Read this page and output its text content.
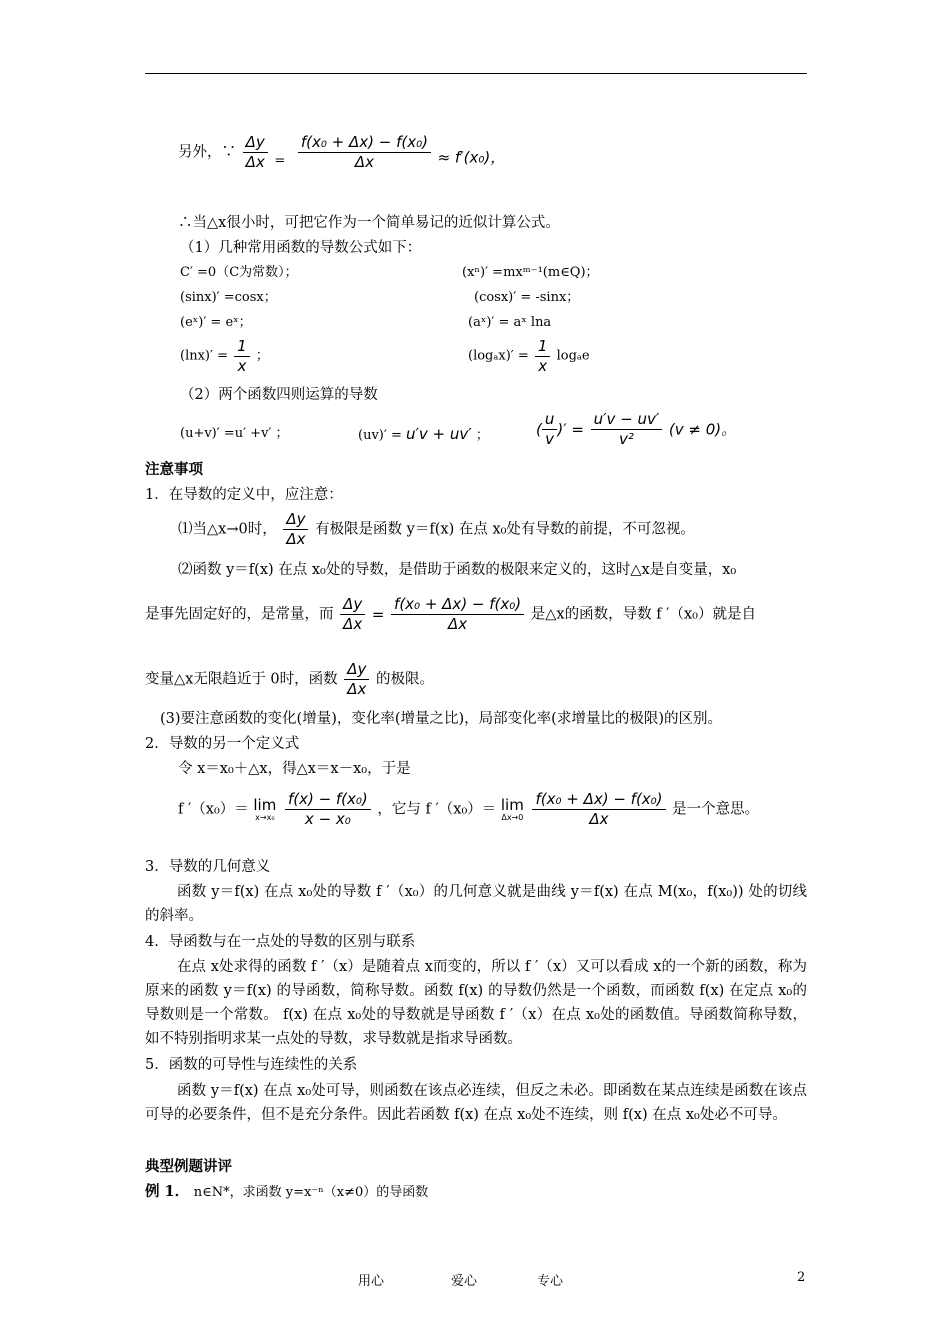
另外，∵ $\frac{\Delta y}{\Delta x} = \frac{\text{f(x₀ + Δx) − f(x₀)}}{\Delta x} \approx f'(x_0)$，
∴当△x很小时，可把它作为一个简单易记的近似计算公式。
（1）几种常用函数的导数公式如下：
C′ =0（C为常数）；	(xⁿ)′ =mxᵐ⁻¹(m∈Q)；
(sinx)′ =cosx；	(cosx)′ = -sinx；
(eˣ)′ = eˣ；	(aˣ)′ = aˣ lna
$(\ln x)' = \frac{1}{x}$ ；	$(\log_ax)' = \frac{1}{x}$ logₐe
（2）两个函数四则运算的导数
(u+v)′ =u′ +v′ ；	(uv)′ = u′v + uv′ ；	( $\frac{u}{v}$ )′ = $\frac{u'v - uv'}{\text{v²}} (v \ne 0)$。
注意事项
1．在导数的定义中，应注意：
⑴当△x→0时， $\frac{\Delta y}{\Delta x}$ 有极限是函数 y＝f(x) 在点 x₀处有导数的前提，不可忽视。
⑵函数 y＝f(x) 在点 x₀处的导数，是借助于函数的极限来定义的，这时△x是自变量，x₀
是事先固定好的，是常量，而 $\frac{\Delta y}{\Delta x} = \frac{\text{f(x₀ + Δx) − f(x₀)}}{\Delta x}$ 是△x的函数，导数 f ′（x₀）就是自
变量△x无限趋近于 0时，函数 $\frac{\Delta y}{\Delta x}$ 的极限。
(3)要注意函数的变化(增量)，变化率(增量之比)，局部变化率(求增量比的极限)的区别。
2．导数的另一个定义式
令 x＝x₀＋△x，得△x＝x－x₀，于是
f ′（x₀）＝ lim
x→x₀
$\frac{\text{f(x) − f(x₀)}}{\text{x − x₀}}$ ，它与 f ′（x₀）＝ lim
Δx→0
$\frac{\text{f(x₀ + Δx) − f(x₀)}}{\Delta x}$ 是一个意思。
3．导数的几何意义
函数 y＝f(x) 在点 x₀处的导数 f ′（x₀）的几何意义就是曲线 y＝f(x) 在点 M(x₀，f(x₀)) 处的切线的斜率。
4．导函数与在一点处的导数的区别与联系
在点 x处求得的函数 f ′（x）是随着点 x而变的，所以 f ′（x）又可以看成 x的一个新的函数，称为原来的函数 y＝f(x) 的导函数，简称导数。函数 f(x) 的导数仍然是一个函数，而函数 f(x) 在定点 x₀的导数则是一个常数。 f(x) 在点 x₀处的导数就是导函数 f ′（x）在点 x₀处的函数值。导函数简称导数，如不特别指明求某一点处的导数，求导数就是指求导函数。
5．函数的可导性与连续性的关系
函数 y＝f(x) 在点 x₀处可导，则函数在该点必连续，但反之未必。即函数在某点连续是函数在该点可导的必要条件，但不是充分条件。因此若函数 f(x) 在点 x₀处不连续，则 f(x) 在点 x₀处必不可导。
典型例题讲评
例 1． n∈N*，求函数 y=x⁻ⁿ（x≠0）的导函数
用心	爱心	专心	2
